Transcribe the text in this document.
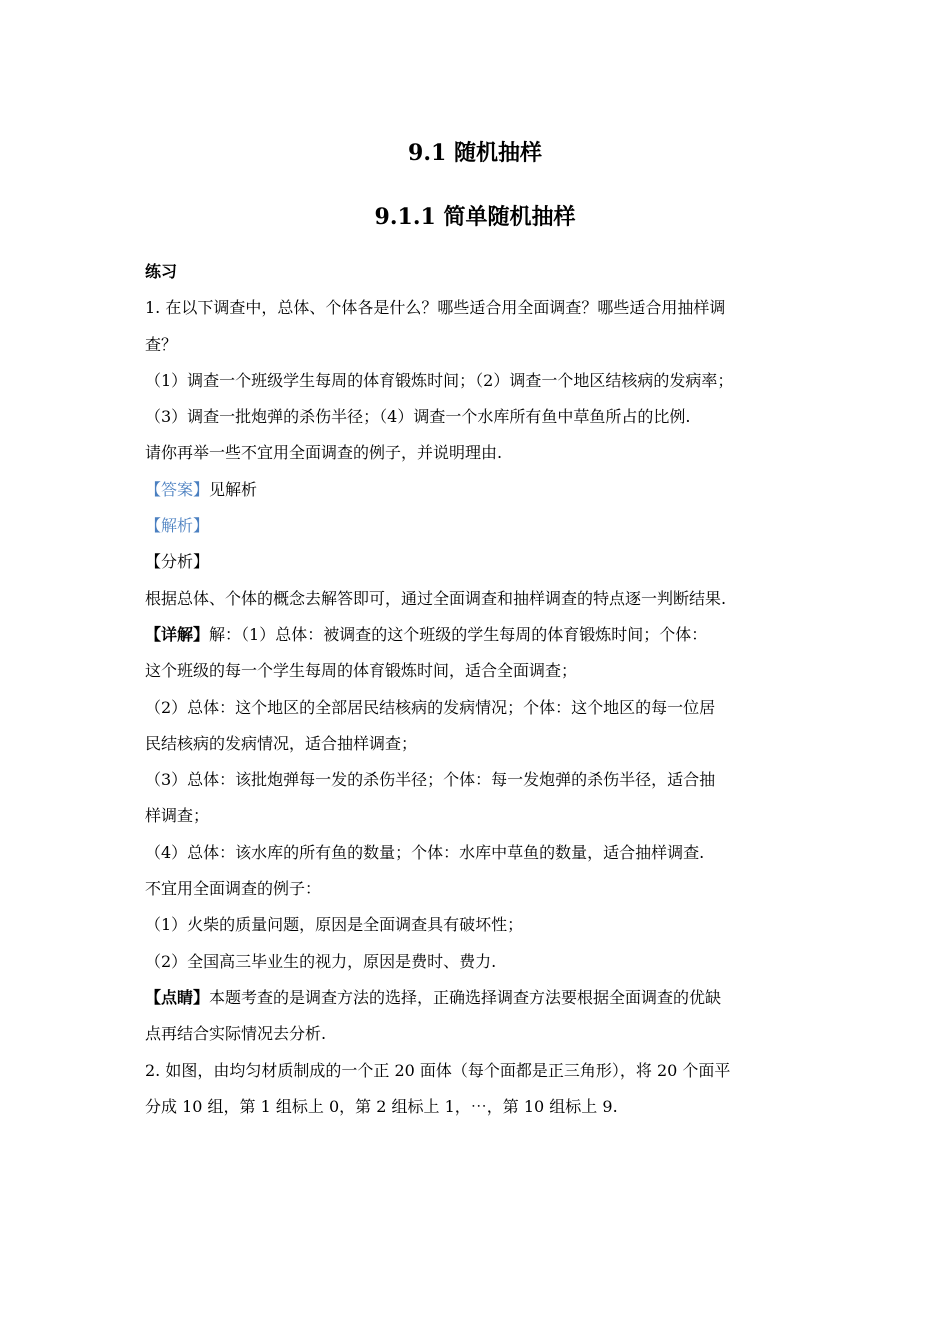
9.1 随机抽样
9.1.1 简单随机抽样
练习
1. 在以下调查中，总体、个体各是什么？哪些适合用全面调查？哪些适合用抽样调
查？
（1）调查一个班级学生每周的体育锻炼时间；（2）调查一个地区结核病的发病率；
（3）调查一批炮弹的杀伤半径；（4）调查一个水库所有鱼中草鱼所占的比例.
请你再举一些不宜用全面调查的例子，并说明理由.
【答案】见解析
【解析】
【分析】
根据总体、个体的概念去解答即可，通过全面调查和抽样调查的特点逐一判断结果.
【详解】解：（1）总体：被调查的这个班级的学生每周的体育锻炼时间；个体：
这个班级的每一个学生每周的体育锻炼时间，适合全面调查；
（2）总体：这个地区的全部居民结核病的发病情况；个体：这个地区的每一位居
民结核病的发病情况，适合抽样调查；
（3）总体：该批炮弹每一发的杀伤半径；个体：每一发炮弹的杀伤半径，适合抽
样调查；
（4）总体：该水库的所有鱼的数量；个体：水库中草鱼的数量，适合抽样调查.
不宜用全面调查的例子：
（1）火柴的质量问题，原因是全面调查具有破坏性；
（2）全国高三毕业生的视力，原因是费时、费力.
【点睛】本题考查的是调查方法的选择，正确选择调查方法要根据全面调查的优缺
点再结合实际情况去分析.
2. 如图，由均匀材质制成的一个正 20 面体（每个面都是正三角形），将 20 个面平
分成 10 组，第 1 组标上 0，第 2 组标上 1，⋯，第 10 组标上 9.
